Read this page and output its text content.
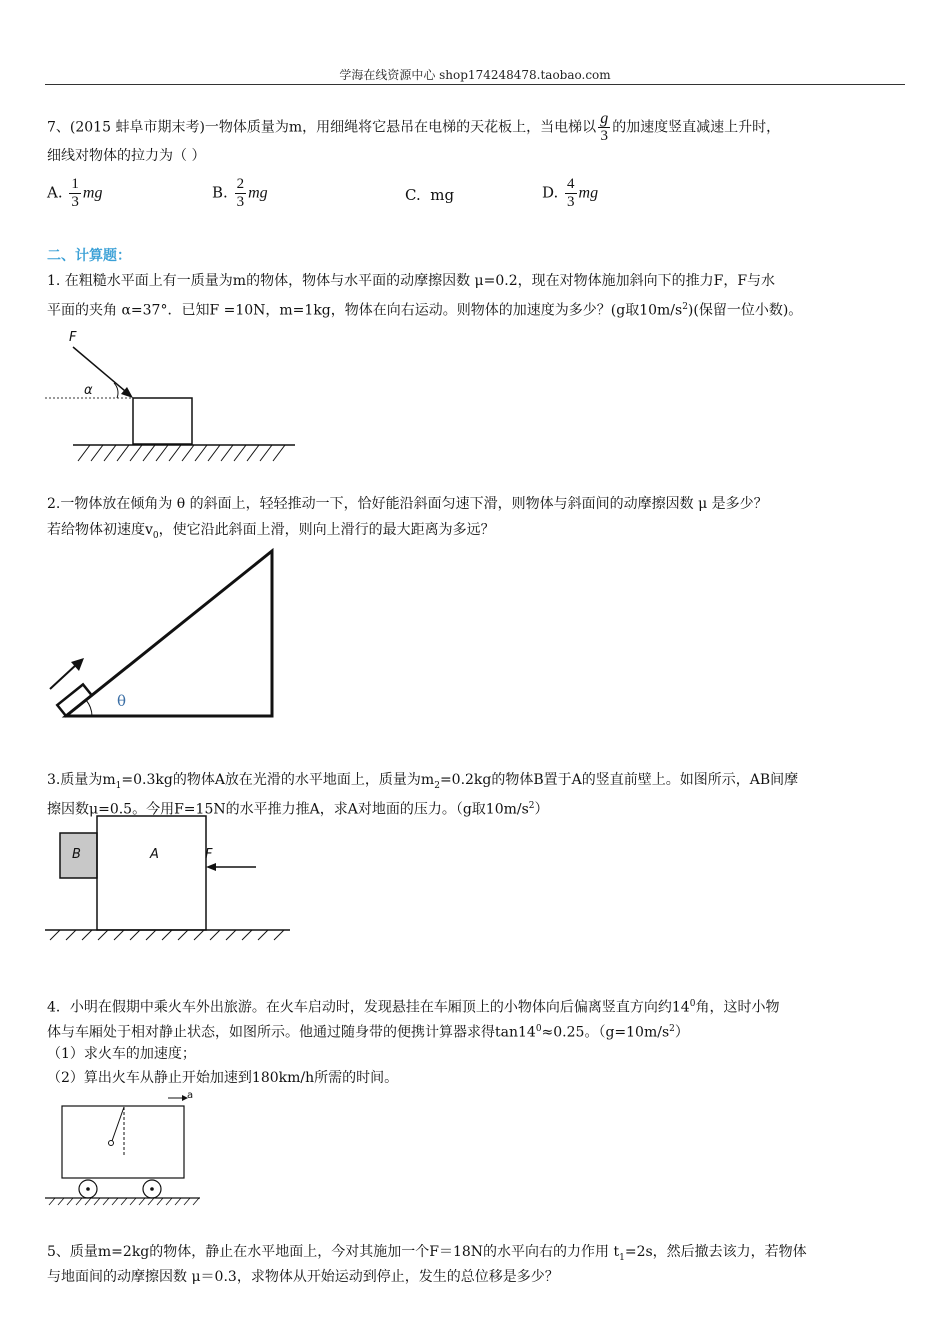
学海在线资源中心 shop174248478.taobao.com
7、(2015 蚌阜市期末考)一物体质量为m，用细绳将它悬吊在电梯的天花板上，当电梯以 $\frac{g}{3}$ 的加速度竖直减速上升时，
细线对物体的拉力为（ ）
A. $\frac{1}{3}$ mg	B. $\frac{2}{3}$ mg	C. mg	D. $\frac{4}{3}$ mg
二、计算题：
1. 在粗糙水平面上有一质量为m的物体，物体与水平面的动摩擦因数 μ=0.2，现在对物体施加斜向下的推力F，F与水
平面的夹角 α=37°．已知F =10N，m=1kg，物体在向右运动。则物体的加速度为多少？(g取$10m/s^2$)(保留一位小数)。
F
α
2.一物体放在倾角为 θ 的斜面上，轻轻推动一下，恰好能沿斜面匀速下滑，则物体与斜面间的动摩擦因数 μ 是多少？
若给物体初速度$v_0$，使它沿此斜面上滑，则向上滑行的最大距离为多远？
θ
3.质量为$m_1=0.3kg$的物体A放在光滑的水平地面上，质量为$m_2=0.2kg$的物体B置于A的竖直前壁上。如图所示，AB间摩
擦因数μ=0.5。今用F=15N的水平推力推A，求A对地面的压力。（g取$10m/s^2$）
B	A	F
4．小明在假期中乘火车外出旅游。在火车启动时，发现悬挂在车厢顶上的小物体向后偏离竖直方向约$14^0$角，这时小物
体与车厢处于相对静止状态，如图所示。他通过随身带的便携计算器求得$\tan 14^0\approx 0.25$。$(g=10m/s^2)$
（1）求火车的加速度；
（2）算出火车从静止开始加速到180km/h所需的时间。
a
5、质量m=2kg的物体，静止在水平地面上，今对其施加一个F＝18N的水平向右的力作用 $t_1=2s$，然后撤去该力，若物体
与地面间的动摩擦因数 μ＝0.3，求物体从开始运动到停止，发生的总位移是多少？
